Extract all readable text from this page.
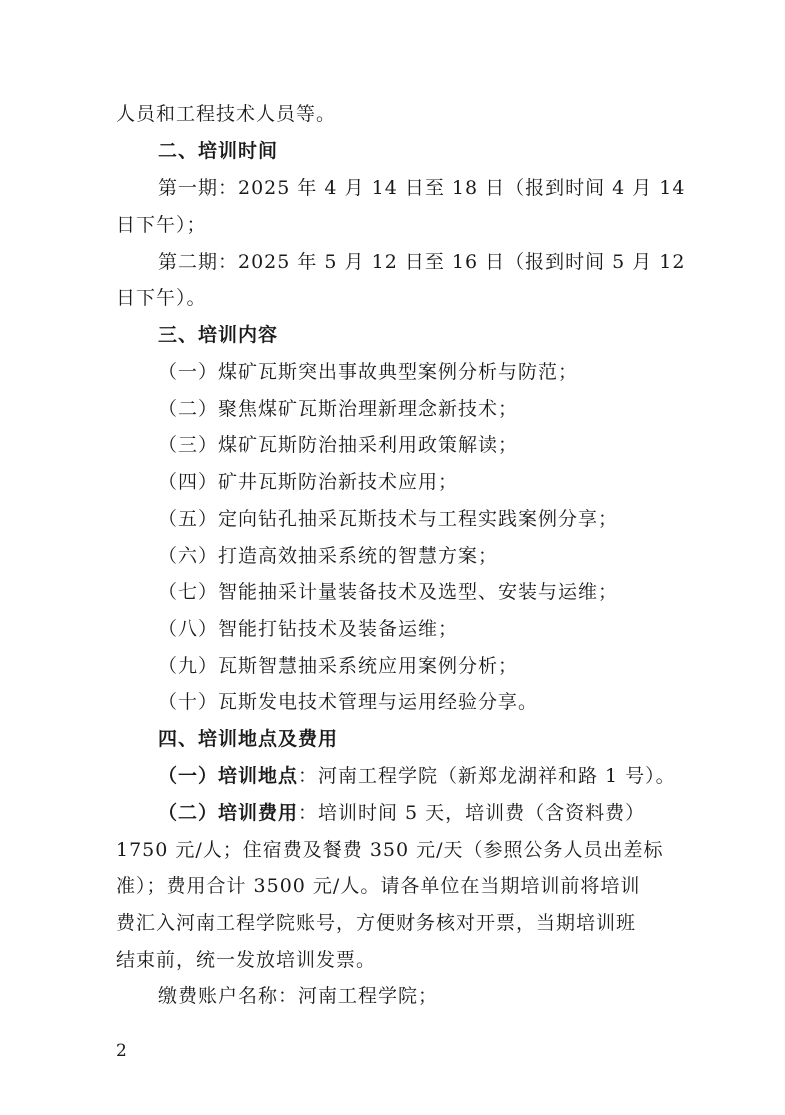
人员和工程技术人员等。
二、培训时间
第一期：2025 年 4 月 14 日至 18 日（报到时间 4 月 14
日下午）；
第二期：2025 年 5 月 12 日至 16 日（报到时间 5 月 12
日下午）。
三、培训内容
（一）煤矿瓦斯突出事故典型案例分析与防范；
（二）聚焦煤矿瓦斯治理新理念新技术；
（三）煤矿瓦斯防治抽采利用政策解读；
（四）矿井瓦斯防治新技术应用；
（五）定向钻孔抽采瓦斯技术与工程实践案例分享；
（六）打造高效抽采系统的智慧方案；
（七）智能抽采计量装备技术及选型、安装与运维；
（八）智能打钻技术及装备运维；
（九）瓦斯智慧抽采系统应用案例分析；
（十）瓦斯发电技术管理与运用经验分享。
四、培训地点及费用
（一）培训地点：河南工程学院（新郑龙湖祥和路 1 号）。
（二）培训费用：培训时间 5 天，培训费（含资料费）
1750 元/人；住宿费及餐费 350 元/天（参照公务人员出差标
准）；费用合计 3500 元/人。请各单位在当期培训前将培训
费汇入河南工程学院账号，方便财务核对开票，当期培训班
结束前，统一发放培训发票。
缴费账户名称：河南工程学院；
2
